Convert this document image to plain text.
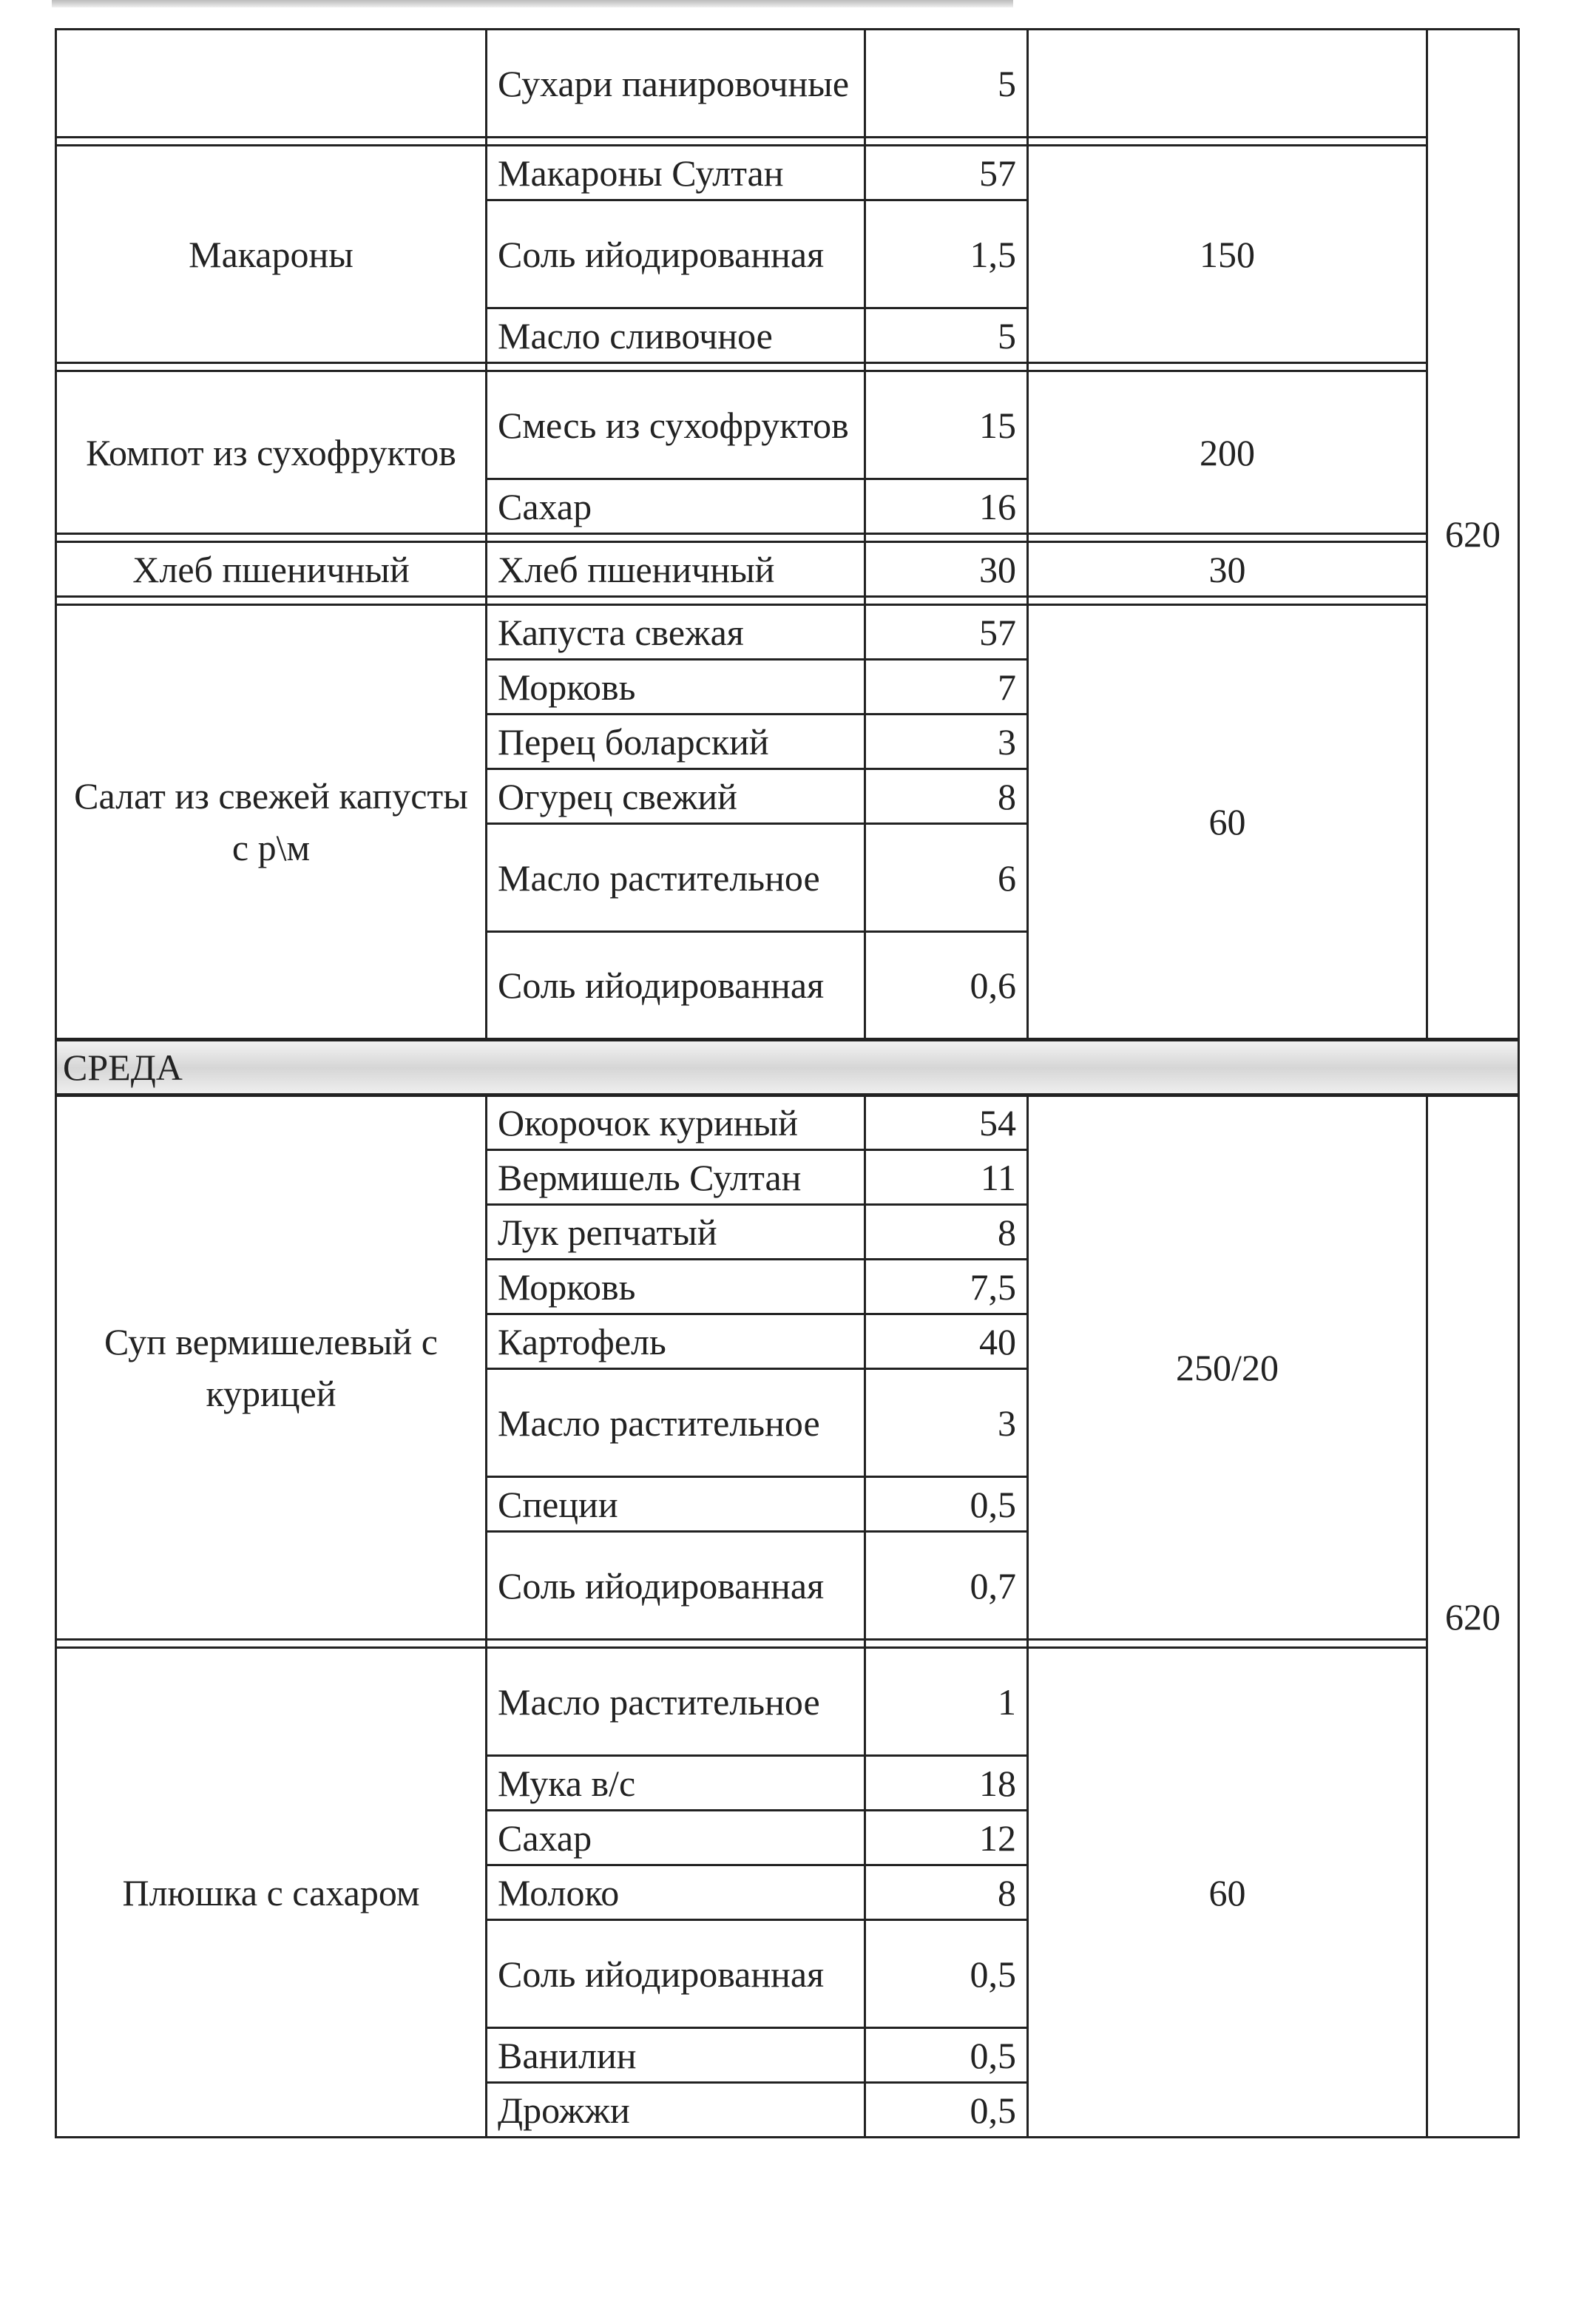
	Сухари панировочные	5		620

Макароны	Макароны Султан	57	150	
	Соль ийодированная	1,5		
	Масло сливочное	5		

Компот из сухофруктов	Смесь из сухофруктов	15	200	
	Сахар	16		

Хлеб пшеничный	Хлеб пшеничный	30	30	

Салат из свежей капусты с р\м	Капуста свежая	57	60	
	Морковь	7		
	Перец боларский	3		
	Огурец свежий	8		
	Масло растительное	6		
	Соль ийодированная	0,6		
СРЕДА				
Суп вермишелевый с курицей	Окорочок куриный	54	250/20	620
	Вермишель Султан	11		
	Лук репчатый	8		
	Морковь	7,5		
	Картофель	40		
	Масло растительное	3		
	Специи	0,5		
	Соль ийодированная	0,7		

Плюшка с сахаром	Масло растительное	1	60	
	Мука в/с	18		
	Сахар	12		
	Молоко	8		
	Соль ийодированная	0,5		
	Ванилин	0,5		
	Дрожжи	0,5		
